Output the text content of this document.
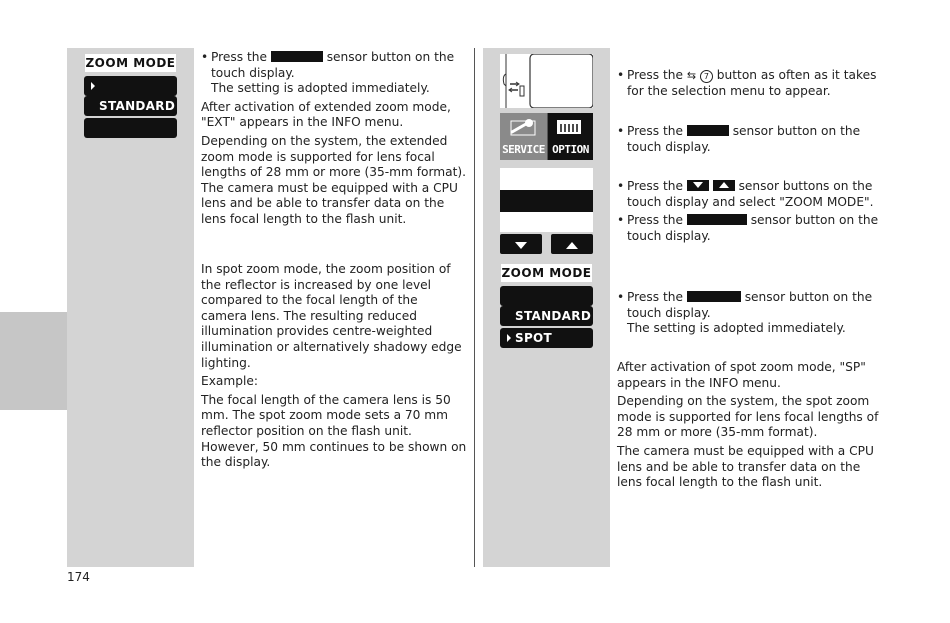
ZOOM MODE
STANDARD

• Press the	sensor button on the touch display.
The setting is adopted immediately.

After activation of extended zoom mode, "EXT" appears in the INFO menu.

Depending on the system, the extended zoom mode is supported for lens focal lengths of 28 mm or more (35-mm format). The camera must be equipped with a CPU lens and be able to transfer data on the lens focal length to the flash unit.

In spot zoom mode, the zoom position of the reflector is increased by one level compared to the focal length of the camera lens. The resulting reduced illumination provides centre-weighted illumination or alternatively shadowy edge lighting.

Example:

The focal length of the camera lens is 50 mm. The spot zoom mode sets a 70 mm reflector position on the flash unit. However, 50 mm continues to be shown on the display.

SERVICE OPTION
ZOOM MODE
STANDARD
SPOT

• Press the ⇆ 7 button as often as it takes for the selection menu to appear.

• Press the	sensor button on the touch display.

• Press the	sensor buttons on the touch display and select "ZOOM MODE".

• Press the	sensor button on the touch display.

• Press the	sensor button on the touch display.
The setting is adopted immediately.

After activation of spot zoom mode, "SP" appears in the INFO menu.

Depending on the system, the spot zoom mode is supported for lens focal lengths of 28 mm or more (35-mm format).

The camera must be equipped with a CPU lens and be able to transfer data on the lens focal length to the flash unit.

174
